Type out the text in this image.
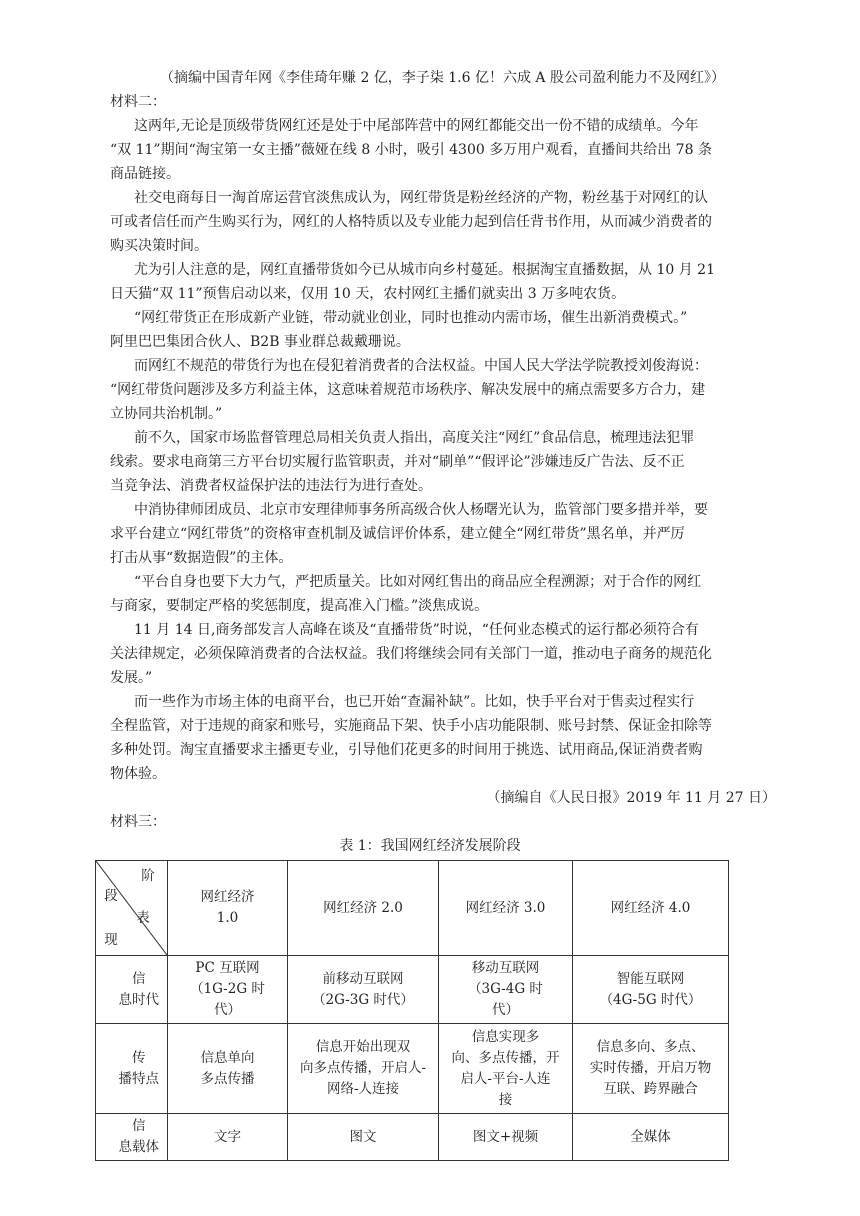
（摘编中国青年网《李佳琦年赚 2 亿，李子柒 1.6 亿！六成 A 股公司盈利能力不及网红》）
材料二：
这两年,无论是顶级带货网红还是处于中尾部阵营中的网红都能交出一份不错的成绩单。今年
“双 11”期间“淘宝第一女主播”薇娅在线 8 小时，吸引 4300 多万用户观看，直播间共给出 78 条
商品链接。
社交电商每日一淘首席运营官淡焦成认为，网红带货是粉丝经济的产物，粉丝基于对网红的认
可或者信任而产生购买行为，网红的人格特质以及专业能力起到信任背书作用，从而减少消费者的
购买决策时间。
尤为引人注意的是，网红直播带货如今已从城市向乡村蔓延。根据淘宝直播数据，从 10 月 21
日天猫“双 11”预售启动以来，仅用 10 天，农村网红主播们就卖出 3 万多吨农货。
“网红带货正在形成新产业链，带动就业创业，同时也推动内需市场，催生出新消费模式。”
阿里巴巴集团合伙人、B2B 事业群总裁戴珊说。
而网红不规范的带货行为也在侵犯着消费者的合法权益。中国人民大学法学院教授刘俊海说：
“网红带货问题涉及多方利益主体，这意味着规范市场秩序、解决发展中的痛点需要多方合力，建
立协同共治机制。”
前不久，国家市场监督管理总局相关负责人指出，高度关注“网红”食品信息，梳理违法犯罪
线索。要求电商第三方平台切实履行监管职责，并对“刷单”“假评论”涉嫌违反广告法、反不正
当竞争法、消费者权益保护法的违法行为进行查处。
中消协律师团成员、北京市安理律师事务所高级合伙人杨曙光认为，监管部门要多措并举，要
求平台建立“网红带货”的资格审查机制及诚信评价体系，建立健全“网红带货”黑名单，并严厉
打击从事“数据造假”的主体。
“平台自身也要下大力气，严把质量关。比如对网红售出的商品应全程溯源；对于合作的网红
与商家，要制定严格的奖惩制度，提高准入门槛。”淡焦成说。
11 月 14 日,商务部发言人高峰在谈及“直播带货”时说，“任何业态模式的运行都必须符合有
关法律规定，必须保障消费者的合法权益。我们将继续会同有关部门一道，推动电子商务的规范化
发展。”
而一些作为市场主体的电商平台，也已开始“查漏补缺”。比如，快手平台对于售卖过程实行
全程监管，对于违规的商家和账号，实施商品下架、快手小店功能限制、账号封禁、保证金扣除等
多种处罚。淘宝直播要求主播更专业，引导他们花更多的时间用于挑选、试用商品,保证消费者购
物体验。
（摘编自《人民日报》2019 年 11 月 27 日）
材料三：
表 1：我国网红经济发展阶段
阶
段
表
现	网红经济
1.0	网红经济 2.0	网红经济 3.0	网红经济 4.0
信
息时代	PC 互联网
（1G-2G 时
代）	前移动互联网
（2G-3G 时代）	移动互联网
（3G-4G 时
代）	智能互联网
（4G-5G 时代）
传
播特点	信息单向
多点传播	信息开始出现双
向多点传播，开启人-
网络-人连接	信息实现多
向、多点传播，开
启人-平台-人连
接	信息多向、多点、
实时传播，开启万物
互联、跨界融合
信
息载体	文字	图文	图文+视频	全媒体
